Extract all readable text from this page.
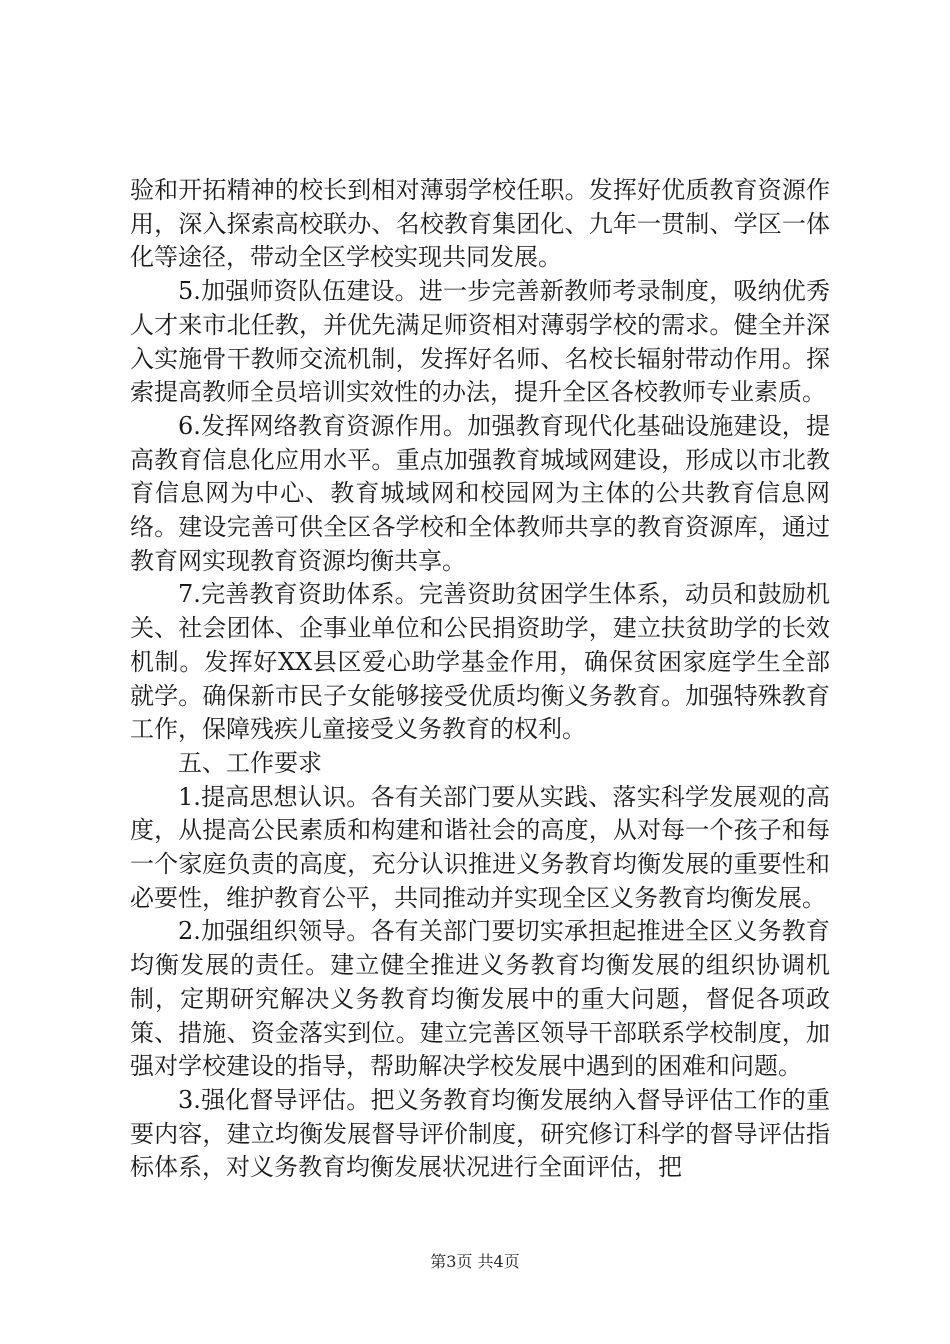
验和开拓精神的校长到相对薄弱学校任职。发挥好优质教育资源作用，深入探索高校联办、名校教育集团化、九年一贯制、学区一体化等途径，带动全区学校实现共同发展。

5.加强师资队伍建设。进一步完善新教师考录制度，吸纳优秀人才来市北任教，并优先满足师资相对薄弱学校的需求。健全并深入实施骨干教师交流机制，发挥好名师、名校长辐射带动作用。探索提高教师全员培训实效性的办法，提升全区各校教师专业素质。

6.发挥网络教育资源作用。加强教育现代化基础设施建设，提高教育信息化应用水平。重点加强教育城域网建设，形成以市北教育信息网为中心、教育城域网和校园网为主体的公共教育信息网络。建设完善可供全区各学校和全体教师共享的教育资源库，通过教育网实现教育资源均衡共享。

7.完善教育资助体系。完善资助贫困学生体系，动员和鼓励机关、社会团体、企事业单位和公民捐资助学，建立扶贫助学的长效机制。发挥好XX县区爱心助学基金作用，确保贫困家庭学生全部就学。确保新市民子女能够接受优质均衡义务教育。加强特殊教育工作，保障残疾儿童接受义务教育的权利。

五、工作要求

1.提高思想认识。各有关部门要从实践、落实科学发展观的高度，从提高公民素质和构建和谐社会的高度，从对每一个孩子和每一个家庭负责的高度，充分认识推进义务教育均衡发展的重要性和必要性，维护教育公平，共同推动并实现全区义务教育均衡发展。

2.加强组织领导。各有关部门要切实承担起推进全区义务教育均衡发展的责任。建立健全推进义务教育均衡发展的组织协调机制，定期研究解决义务教育均衡发展中的重大问题，督促各项政策、措施、资金落实到位。建立完善区领导干部联系学校制度，加强对学校建设的指导，帮助解决学校发展中遇到的困难和问题。

3.强化督导评估。把义务教育均衡发展纳入督导评估工作的重要内容，建立均衡发展督导评价制度，研究修订科学的督导评估指标体系，对义务教育均衡发展状况进行全面评估，把

第3页 共4页
